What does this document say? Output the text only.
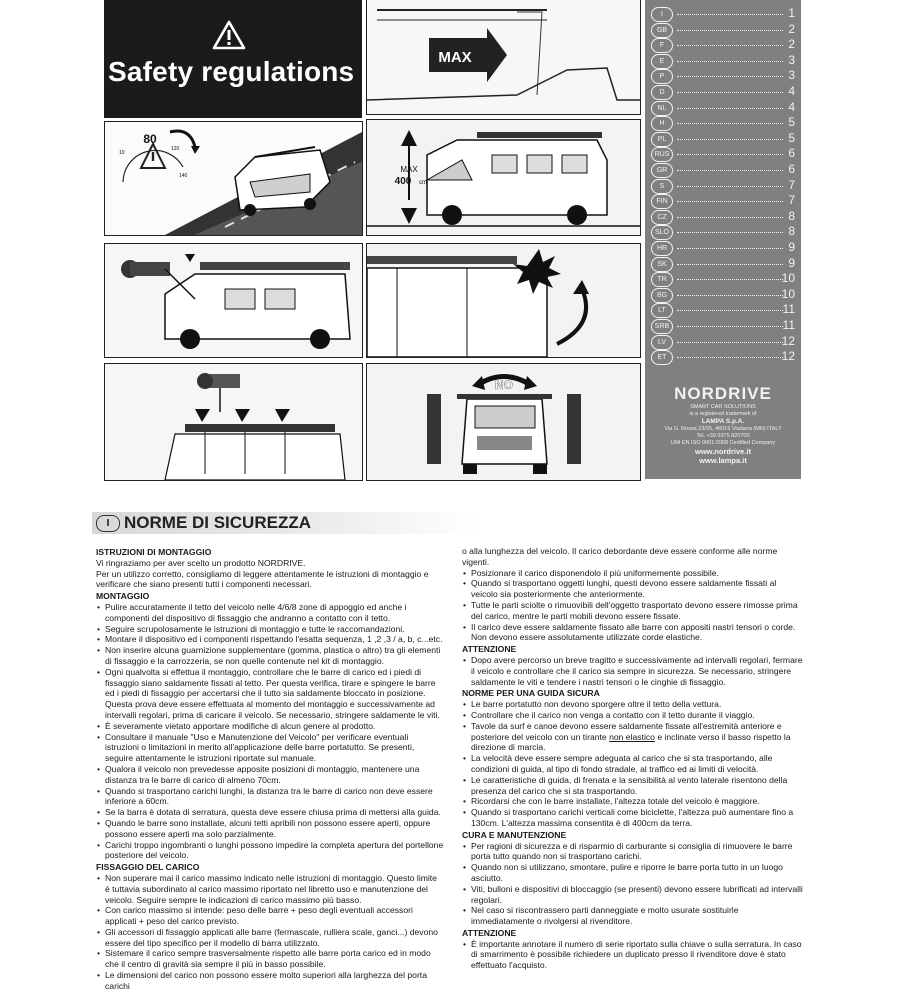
Safety regulations	MAX
80
10
120
140
MAX
400 cm
NO	NORDRIVE
SMART CAR SOLUTIONS
is a registered trademark of
LAMPA S.p.A.
Via G. Rossa 23/25, 46019 Viadana (MN) ITALY
Tel. +39 0375 820700
UNI EN ISO 9001:2008 Certified Company
www.nordrive.it
www.lampa.it
I	1
GB	2
F	2
E	3
P	3
D	4
NL	4
H	5
PL	5
RUS	6
GR	6
S	7
FIN	7
CZ	8
SLO	8
HR	9
SK	9
TR	10
BG	10
LT	11
SRB	11
LV	12
ET	12
I NORME DI SICUREZZA
ISTRUZIONI DI MONTAGGIO

Vi ringraziamo per aver scelto un prodotto NORDRIVE.

Per un utilizzo corretto, consigliamo di leggere attentamente le istruzioni di montaggio e verificare che siano presenti tutti i componenti necessari.

MONTAGGIO
• Pulire accuratamente il tetto del veicolo nelle 4/6/8 zone di appoggio ed anche i componenti del dispositivo di fissaggio che andranno a contatto con il tetto.
• Seguire scrupolosamente le istruzioni di montaggio e tutte le raccomandazioni.
• Montare il dispositivo ed i componenti rispettando l'esatta sequenza, 1 ,2 ,3 / a, b, c...etc.
• Non inserire alcuna guarnizione supplementare (gomma, plastica o altro) tra gli elementi di fissaggio e la carrozzeria, se non quelle contenute nel kit di montaggio.
• Ogni qualvolta si effettua il montaggio, controllare che le barre di carico ed i piedi di fissaggio siano saldamente fissati al tetto. Per questa verifica, tirare e spingere le barre ed i piedi di fissaggio per accertarsi che il tutto sia saldamente bloccato in posizione. Questa prova deve essere effettuata al momento del montaggio e successivamente ad intervalli regolari, prima di caricare il veicolo. Se necessario, stringere saldamente le viti.
• È severamente vietato apportare modifiche di alcun genere al prodotto.
• Consultare il manuale "Uso e Manutenzione del Veicolo" per verificare eventuali istruzioni o limitazioni in merito all'applicazione delle barre portatutto. Se presenti, seguire attentamente le istruzioni riportate sul manuale.
• Qualora il veicolo non prevedesse apposite posizioni di montaggio, mantenere una distanza tra le barre di carico di almeno 70cm.
• Quando si trasportano carichi lunghi, la distanza tra le barre di carico non deve essere inferiore a 60cm.
• Se la barra è dotata di serratura, questa deve essere chiusa prima di mettersi alla guida.
• Quando le barre sono installate, alcuni tetti apribili non possono essere aperti, oppure possono essere aperti ma solo parzialmente.
• Carichi troppo ingombranti o lunghi possono impedire la completa apertura del portellone posteriore del veicolo.
FISSAGGIO DEL CARICO
• Non superare mai il carico massimo indicato nelle istruzioni di montaggio. Questo limite è tuttavia subordinato al carico massimo riportato nel libretto uso e manutenzione del veicolo. Seguire sempre le indicazioni di carico massimo più basso.
• Con carico massimo si intende: peso delle barre + peso degli eventuali accessori applicati + peso del carico previsto.
• Gli accessori di fissaggio applicati alle barre (fermascale, rulliera scale, ganci...) devono essere del tipo specifico per il modello di barra utilizzato.
• Sistemare il carico sempre trasversalmente rispetto alle barre porta carico ed in modo che il centro di gravità sia sempre il più in basso possibile.
• Le dimensioni del carico non possono essere molto superiori alla larghezza del porta carichi

o alla lunghezza del veicolo. Il carico debordante deve essere conforme alle norme vigenti.

• Posizionare il carico disponendolo il più uniformemente possibile.
• Quando si trasportano oggetti lunghi, questi devono essere saldamente fissati al veicolo sia posteriormente che anteriormente.
• Tutte le parti sciolte o rimuovibili dell'oggetto trasportato devono essere rimosse prima del carico, mentre le parti mobili devono essere fissate.
• Il carico deve essere saldamente fissato alle barre con appositi nastri tensori o corde. Non devono essere assolutamente utilizzate corde elastiche.
ATTENZIONE
• Dopo avere percorso un breve tragitto e successivamente ad intervalli regolari, fermare il veicolo e controllare che il carico sia sempre in sicurezza. Se necessario, stringere saldamente le viti e tendere i nastri tensori o le cinghie di fissaggio.
NORME PER UNA GUIDA SICURA
• Le barre portatutto non devono sporgere oltre il tetto della vettura.
• Controllare che il carico non venga a contatto con il tetto durante il viaggio.
• Tavole da surf e canoe devono essere saldamente fissate all'estremità anteriore e posteriore del veicolo con un tirante non elastico e inclinate verso il basso rispetto la direzione di marcia.
• La velocità deve essere sempre adeguata al carico che si sta trasportando, alle condizioni di guida, al tipo di fondo stradale, al traffico ed ai limiti di velocità.
• Le caratteristiche di guida, di frenata e la sensibilità al vento laterale risentono della presenza del carico che si sta trasportando.
• Ricordarsi che con le barre installate, l'altezza totale del veicolo è maggiore.
• Quando si trasportano carichi verticali come biciclette, l'altezza può aumentare fino a 130cm. L'altezza massima consentita è di 400cm da terra.
CURA E MANUTENZIONE
• Per ragioni di sicurezza e di risparmio di carburante si consiglia di rimuovere le barre porta tutto quando non si trasportano carichi.
• Quando non si utilizzano, smontare, pulire e riporre le barre porta tutto in un luogo asciutto.
• Viti, bulloni e dispositivi di bloccaggio (se presenti) devono essere lubrificati ad intervalli regolari.
• Nel caso si riscontrassero parti danneggiate e molto usurate sostituirle immediatamente o rivolgersi al rivenditore.
ATTENZIONE
• È importante annotare il numero di serie riportato sulla chiave o sulla serratura. In caso di smarrimento è possibile richiedere un duplicato presso il rivenditore dove è stato effettuato l'acquisto.
